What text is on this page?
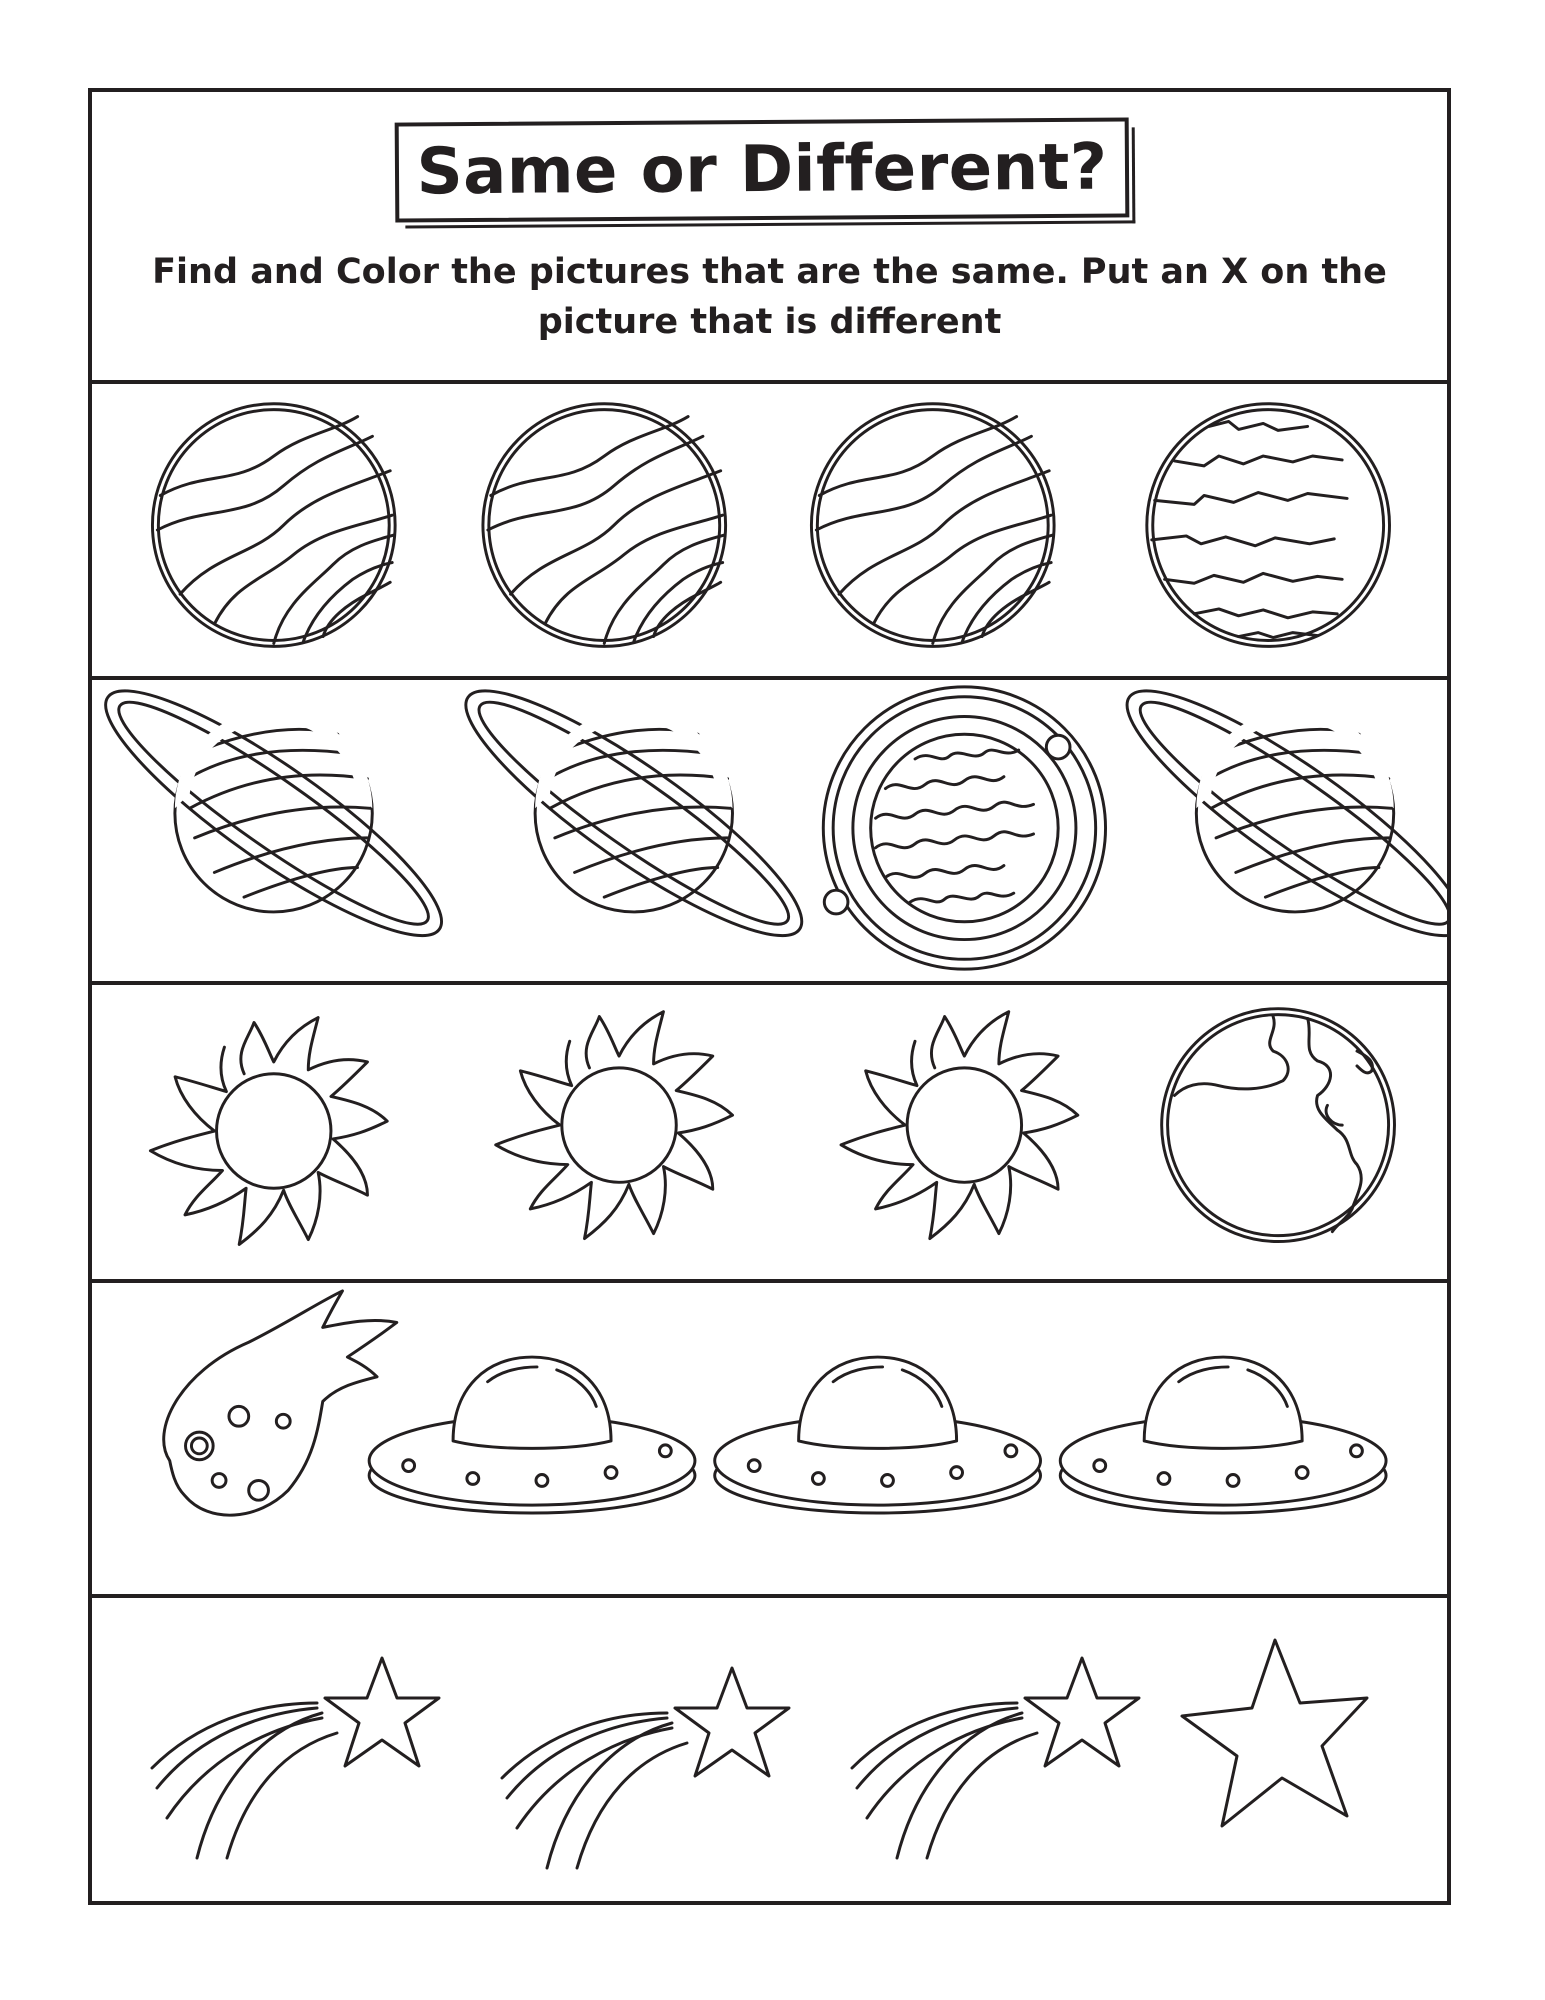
Same or Different?
Find and Color the pictures that are the same. Put an X on the picture that is different
